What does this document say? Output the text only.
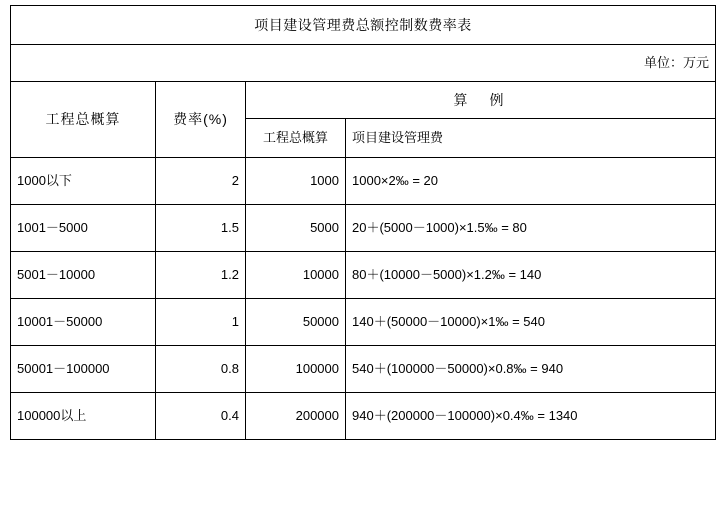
项目建设管理费总额控制数费率表			
单位：万元			
工程总概算	费率(%)	算　例	
		工程总概算	项目建设管理费
1000以下	2	1000	1000×2‰ = 20
1001－5000	1.5	5000	20＋(5000－1000)×1.5‰ = 80
5001－10000	1.2	10000	80＋(10000－5000)×1.2‰ = 140
10001－50000	1	50000	140＋(50000－10000)×1‰ = 540
50001－100000	0.8	100000	540＋(100000－50000)×0.8‰ = 940
100000以上	0.4	200000	940＋(200000－100000)×0.4‰ = 1340
